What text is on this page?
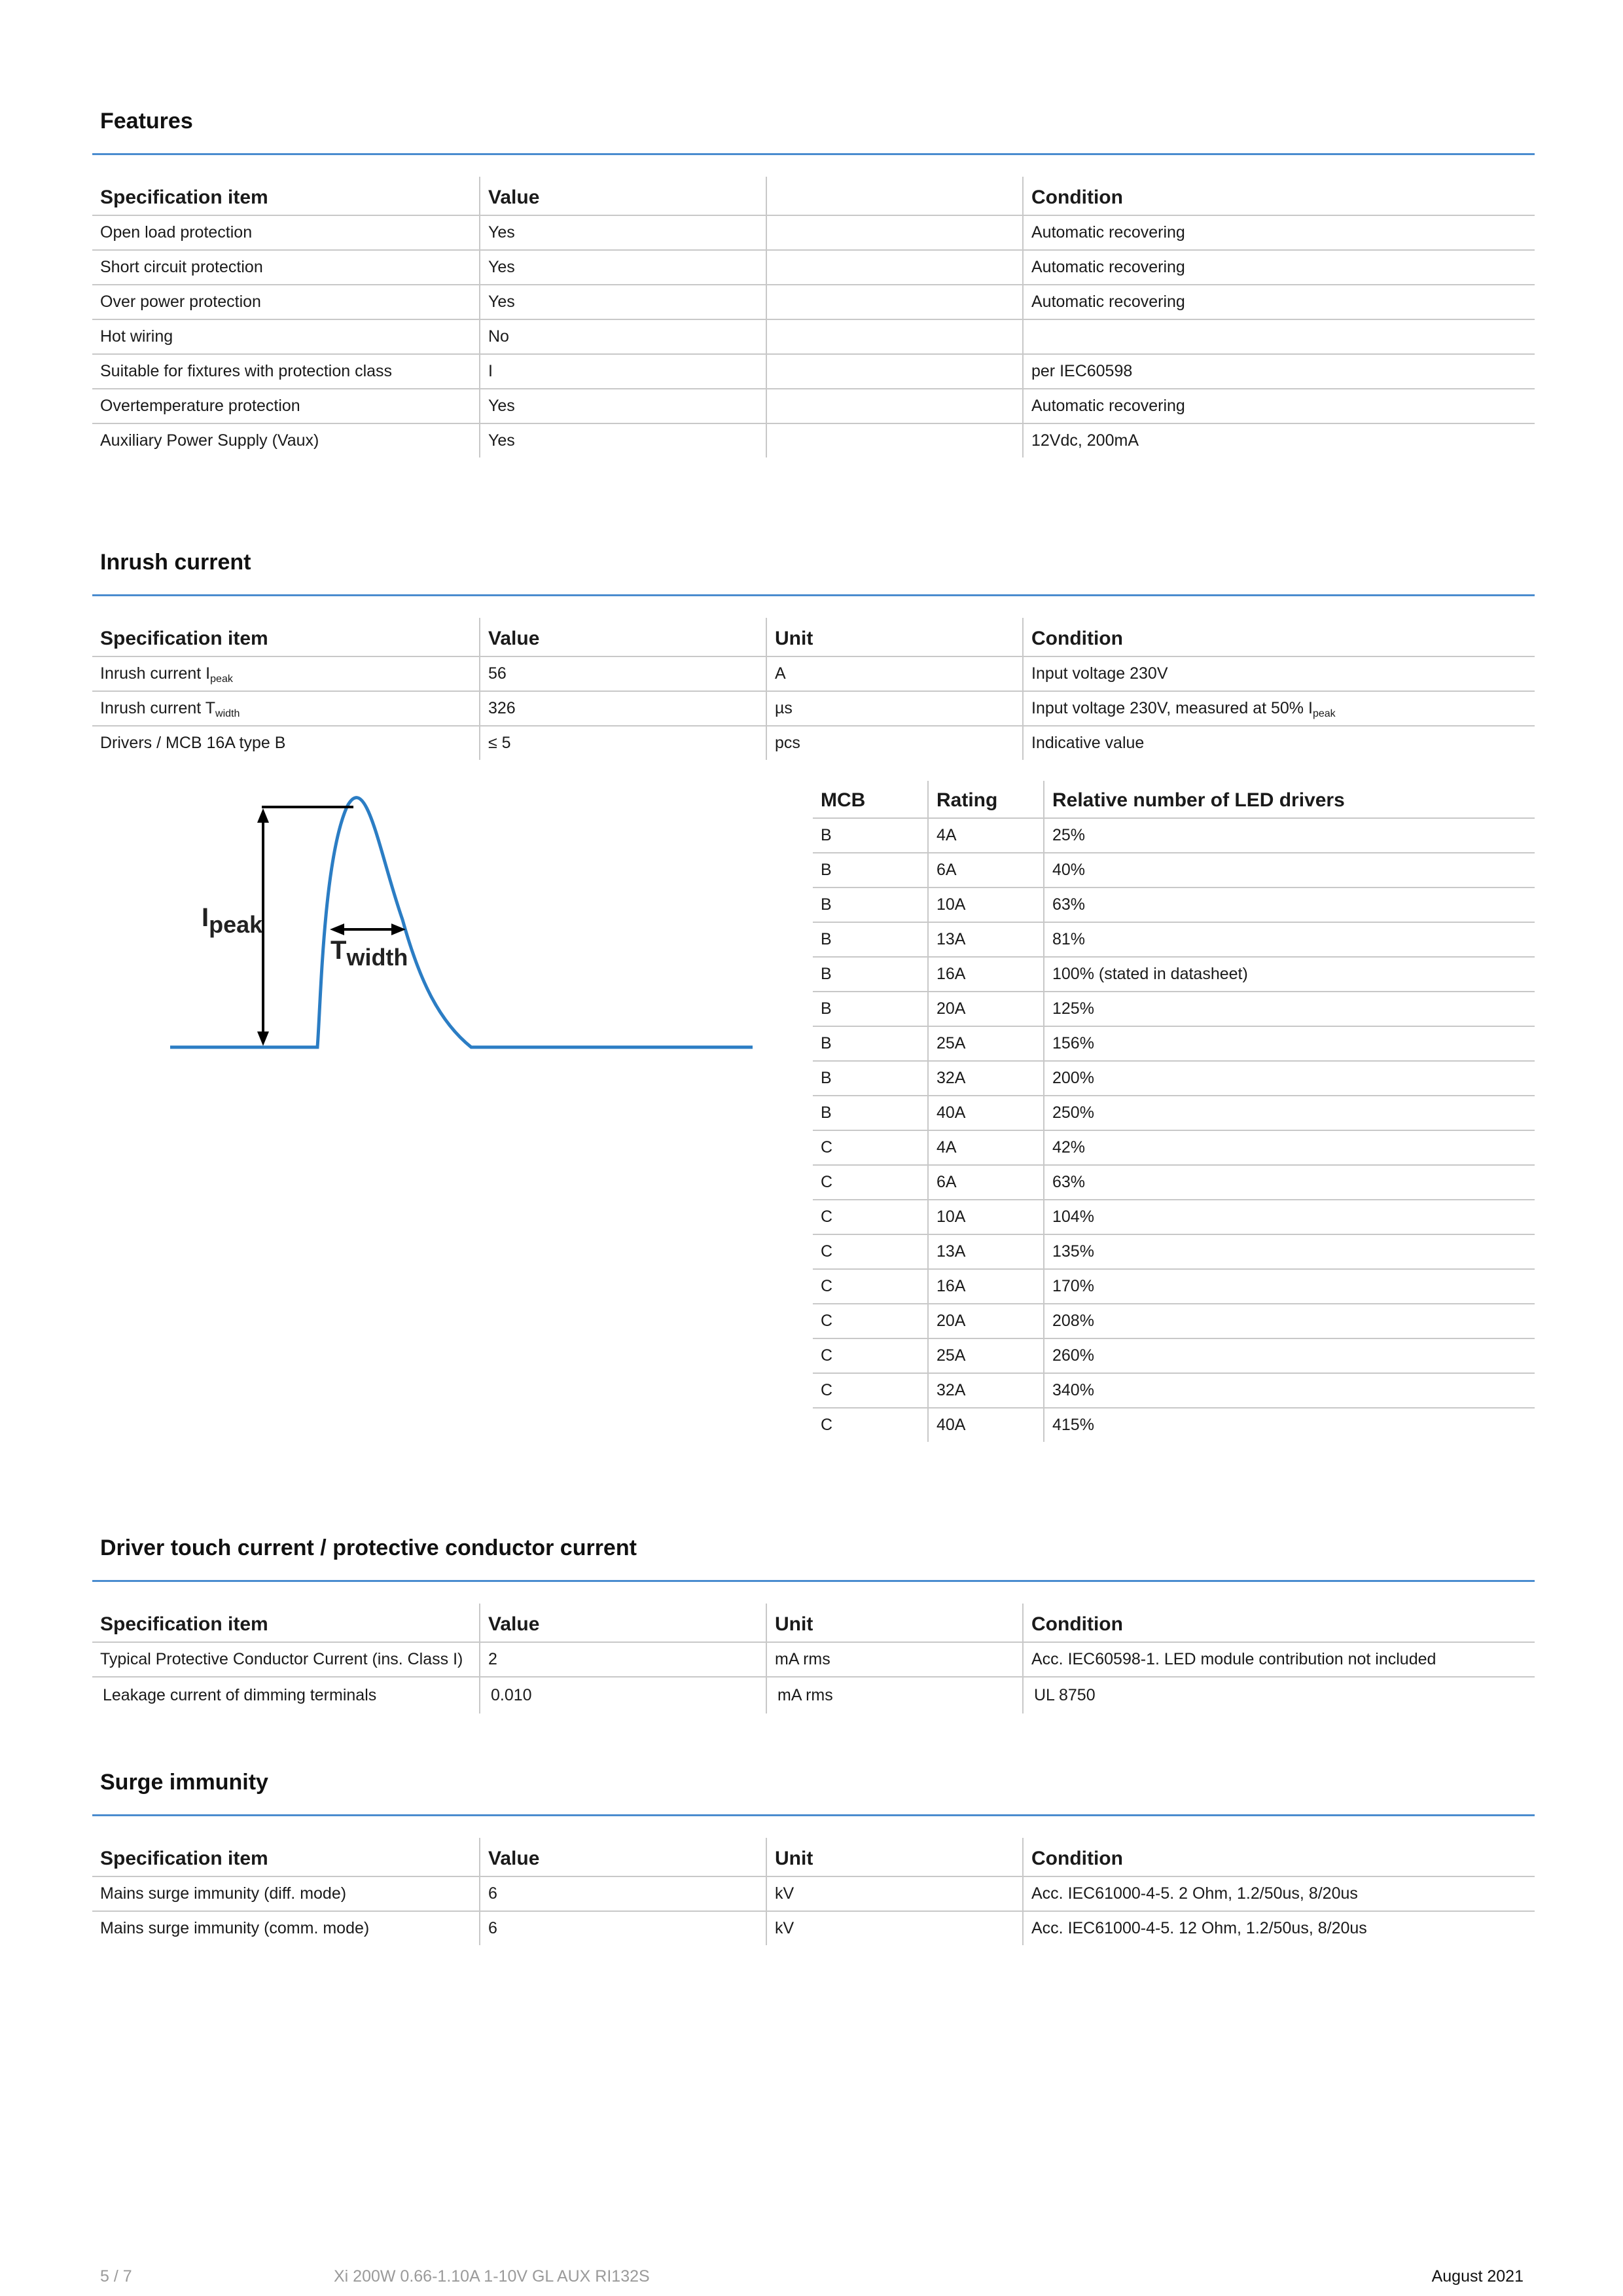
Features
Specification item	Value		Condition
Open load protection	Yes		Automatic recovering
Short circuit protection	Yes		Automatic recovering
Over power protection	Yes		Automatic recovering
Hot wiring	No		
Suitable for fixtures with protection class	I		per IEC60598
Overtemperature protection	Yes		Automatic recovering
Auxiliary Power Supply (Vaux)	Yes		12Vdc, 200mA
Inrush current
Specification item	Value	Unit	Condition
Inrush current $I_{peak}$	56	A	Input voltage 230V
Inrush current $T_{width}$	326	µs	Input voltage 230V, measured at 50% $I_{peak}$
Drivers / MCB 16A type B	≤ 5	pcs	Indicative value
Ipeak
Twidth
MCB	Rating	Relative number of LED drivers
B	4A	25%
B	6A	40%
B	10A	63%
B	13A	81%
B	16A	100% (stated in datasheet)
B	20A	125%
B	25A	156%
B	32A	200%
B	40A	250%
C	4A	42%
C	6A	63%
C	10A	104%
C	13A	135%
C	16A	170%
C	20A	208%
C	25A	260%
C	32A	340%
C	40A	415%
Driver touch current / protective conductor current
Specification item	Value	Unit	Condition
Typical Protective Conductor Current (ins. Class I)	2	mA rms	Acc. IEC60598-1. LED module contribution not included
Leakage current of dimming terminals	0.010	mA rms	UL 8750
Surge immunity
Specification item	Value	Unit	Condition
Mains surge immunity (diff. mode)	6	kV	Acc. IEC61000-4-5. 2 Ohm, 1.2/50us, 8/20us
Mains surge immunity (comm. mode)	6	kV	Acc. IEC61000-4-5. 12 Ohm, 1.2/50us, 8/20us
5 / 7	Xi 200W 0.66-1.10A 1-10V GL AUX RI132S	August 2021
